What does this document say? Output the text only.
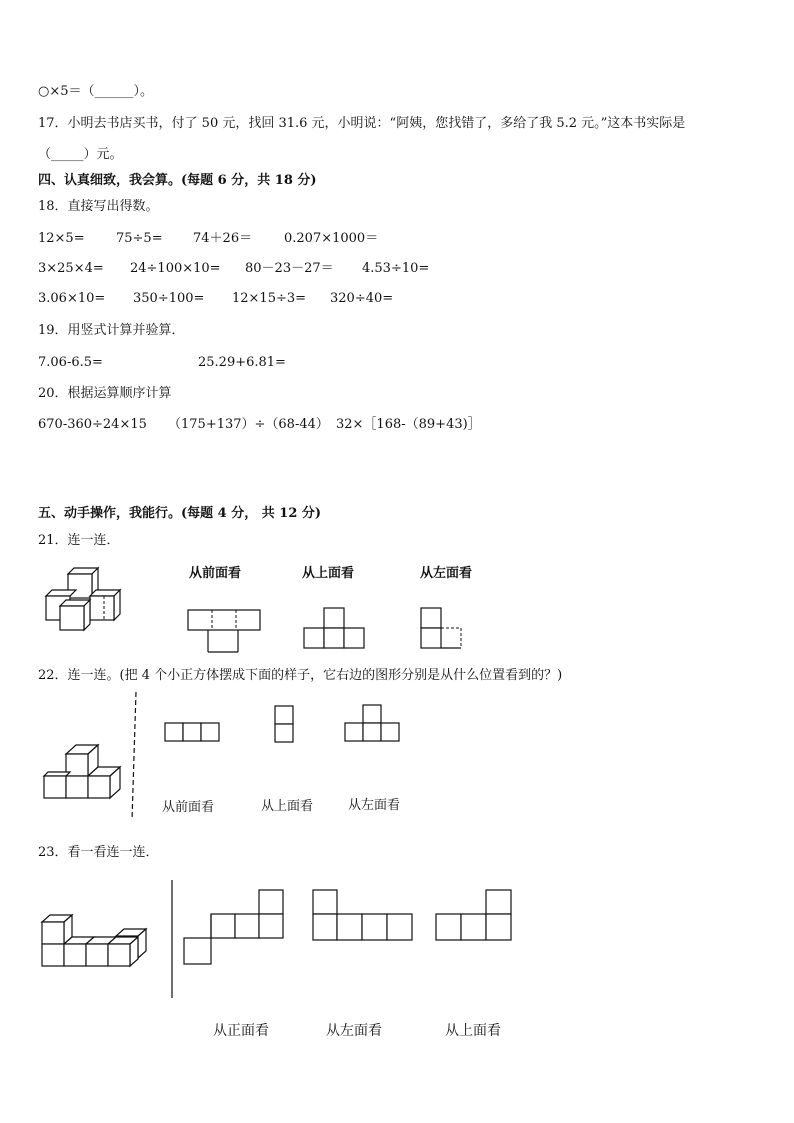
○×5＝（______）。
17．小明去书店买书，付了 50 元，找回 31.6 元，小明说：“阿姨，您找错了，多给了我 5.2 元。”这本书实际是
（_____）元。
四、认真细致，我会算。(每题 6 分，共 18 分)
18．直接写出得数。
12×5= 75÷5= 74＋26＝ 0.207×1000＝
3×25×4= 24÷100×10= 80－23－27＝ 4.53÷10=
3.06×10= 350÷100= 12×15÷3= 320÷40=
19．用竖式计算并验算．
7.06-6.5=	25.29+6.81=
20．根据运算顺序计算
670-360÷24×15 （175+137）÷（68-44） 32×［168-（89+43)］
五、动手操作，我能行。(每题 4 分， 共 12 分)
21．连一连．
从前面看	从上面看	从左面看
22．连一连。(把 4 个小正方体摆成下面的样子，它右边的图形分别是从什么位置看到的？)
从前面看	从上面看	从左面看
23．看一看连一连．
从正面看	从左面看	从上面看
